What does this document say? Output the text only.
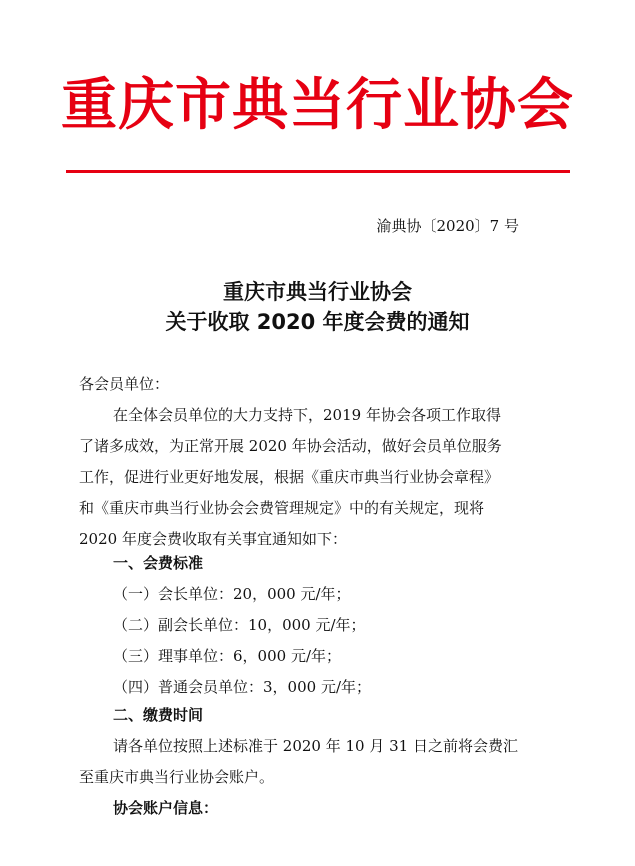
重庆市典当行业协会
渝典协〔2020〕7 号
重庆市典当行业协会
关于收取 2020 年度会费的通知
各会员单位：
在全体会员单位的大力支持下，2019 年协会各项工作取得
了诸多成效，为正常开展 2020 年协会活动，做好会员单位服务
工作，促进行业更好地发展，根据《重庆市典当行业协会章程》
和《重庆市典当行业协会会费管理规定》中的有关规定，现将
2020 年度会费收取有关事宜通知如下：
一、会费标准
（一）会长单位：20，000 元/年；
（二）副会长单位：10，000 元/年；
（三）理事单位：6，000 元/年；
（四）普通会员单位：3，000 元/年；
二、缴费时间
请各单位按照上述标准于 2020 年 10 月 31 日之前将会费汇
至重庆市典当行业协会账户。
协会账户信息：
